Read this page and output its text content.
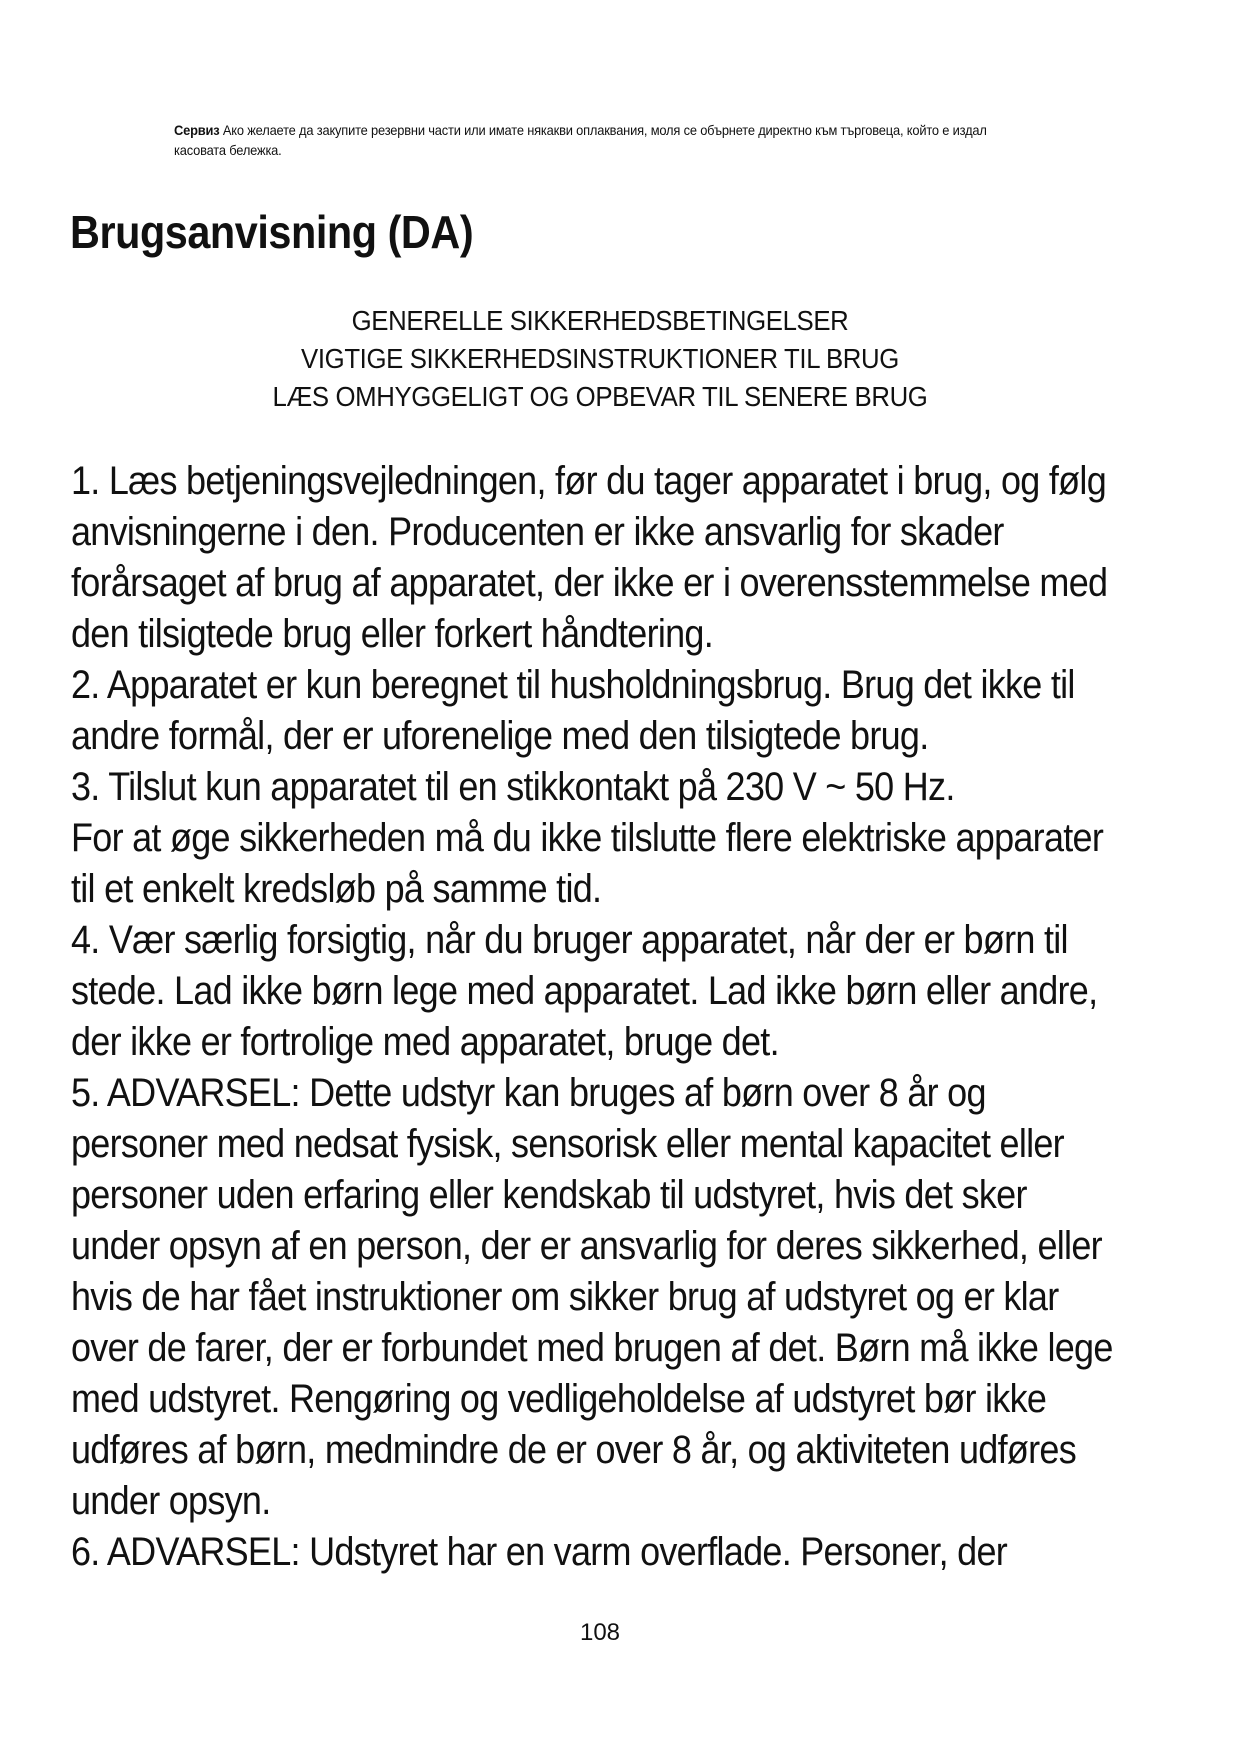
Сервиз Ако желаете да закупите резервни части или имате някакви оплаквания, моля се обърнете директно към търговеца, който е издал касовата бележка.
Brugsanvisning (DA)
GENERELLE SIKKERHEDSBETINGELSER
VIGTIGE SIKKERHEDSINSTRUKTIONER TIL BRUG
LÆS OMHYGGELIGT OG OPBEVAR TIL SENERE BRUG

1. Læs betjeningsvejledningen, før du tager apparatet i brug, og følg anvisningerne i den. Producenten er ikke ansvarlig for skader forårsaget af brug af apparatet, der ikke er i overensstemmelse med den tilsigtede brug eller forkert håndtering.

2. Apparatet er kun beregnet til husholdningsbrug. Brug det ikke til andre formål, der er uforenelige med den tilsigtede brug.

3. Tilslut kun apparatet til en stikkontakt på 230 V ~ 50 Hz.

For at øge sikkerheden må du ikke tilslutte flere elektriske apparater til et enkelt kredsløb på samme tid.

4. Vær særlig forsigtig, når du bruger apparatet, når der er børn til stede. Lad ikke børn lege med apparatet. Lad ikke børn eller andre, der ikke er fortrolige med apparatet, bruge det.

5. ADVARSEL: Dette udstyr kan bruges af børn over 8 år og personer med nedsat fysisk, sensorisk eller mental kapacitet eller personer uden erfaring eller kendskab til udstyret, hvis det sker under opsyn af en person, der er ansvarlig for deres sikkerhed, eller hvis de har fået instruktioner om sikker brug af udstyret og er klar over de farer, der er forbundet med brugen af det. Børn må ikke lege med udstyret. Rengøring og vedligeholdelse af udstyret bør ikke udføres af børn, medmindre de er over 8 år, og aktiviteten udføres under opsyn.

6. ADVARSEL: Udstyret har en varm overflade. Personer, der

108
